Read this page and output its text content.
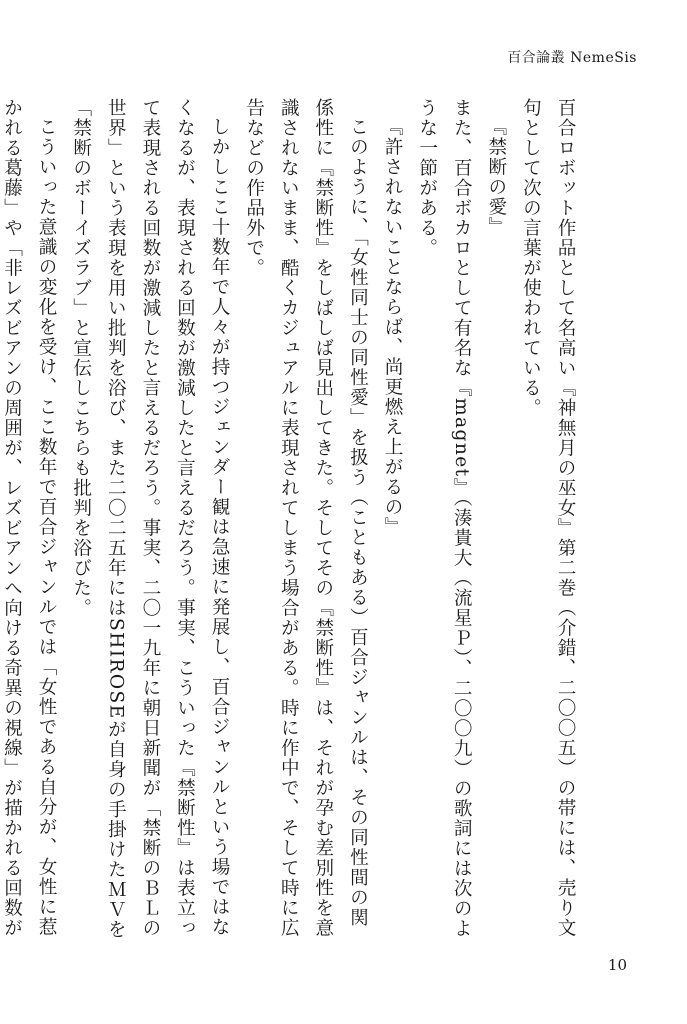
百合論叢 NemeSis

百合ロボット作品として名高い『神無月の巫女』第二巻（介錯、二〇〇五）の帯には、売り文句として次の言葉が使われている。

『禁断の愛』

また、百合ボカロとして有名な『magnet』（湊貴大（流星Ｐ）、二〇〇九）の歌詞には次のような一節がある。

『許されないことならば、尚更燃え上がるの』

このように、「女性同士の同性愛」を扱う（こともある）百合ジャンルは、その同性間の関係性に『禁断性』をしばしば見出してきた。そしてその『禁断性』は、それが孕む差別性を意識されないまま、酷くカジュアルに表現されてしまう場合がある。時に作中で、そして時に広告などの作品外で。

しかしここ十数年で人々が持つジェンダー観は急速に発展し、百合ジャンルという場ではなくなるが、表現される回数が激減したと言えるだろう。事実、こういった『禁断性』は表立って表現される回数が激減したと言えるだろう。事実、二〇一九年に朝日新聞が「禁断のＢＬの世界」という表現を用い批判を浴び、また二〇二五年にはSHIROSEが自身の手掛けたＭＶを「禁断のボーイズラブ」と宣伝しこちらも批判を浴びた。

こういった意識の変化を受け、ここ数年で百合ジャンルでは「女性である自分が、女性に惹かれる葛藤」や「非レズビアンの周囲が、レズビアンへ向ける奇異の視線」が描かれる回数が

10
